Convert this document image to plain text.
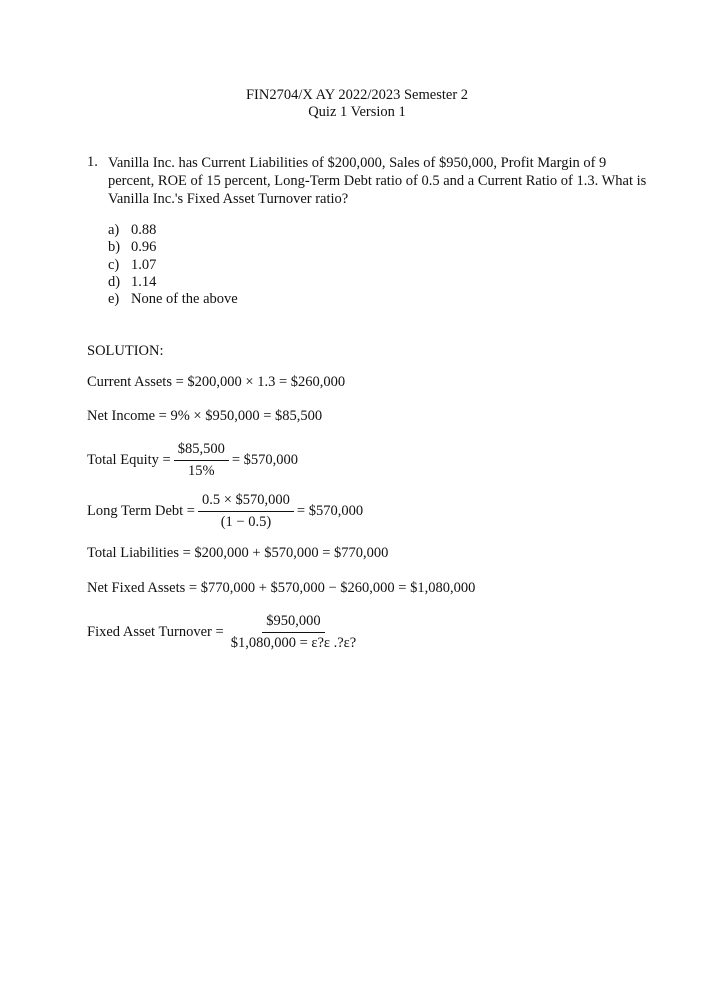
FIN2704/X AY 2022/2023 Semester 2
Quiz 1 Version 1
1. Vanilla Inc. has Current Liabilities of $200,000, Sales of $950,000, Profit Margin of 9 percent, ROE of 15 percent, Long-Term Debt ratio of 0.5 and a Current Ratio of 1.3. What is Vanilla Inc.'s Fixed Asset Turnover ratio?
a) 0.88
b) 0.96
c) 1.07
d) 1.14
e) None of the above
SOLUTION:
Current Assets = $200,000 × 1.3 = $260,000
Net Income = 9% × $950,000 = $85,500
Total Equity = $\frac{\$85,500}{15\%}$ = $570,000
Long Term Debt = $\frac{0.5 \times \$570,000}{(1 - 0.5)}$ = $570,000
Total Liabilities = $200,000 + $570,000 = $770,000
Net Fixed Assets = $770,000 + $570,000 − $260,000 = $1,080,000
Fixed Asset Turnover = $\frac{\$950,000}{\$1,080,000 = \varepsilon?\varepsilon .?\varepsilon?}$
